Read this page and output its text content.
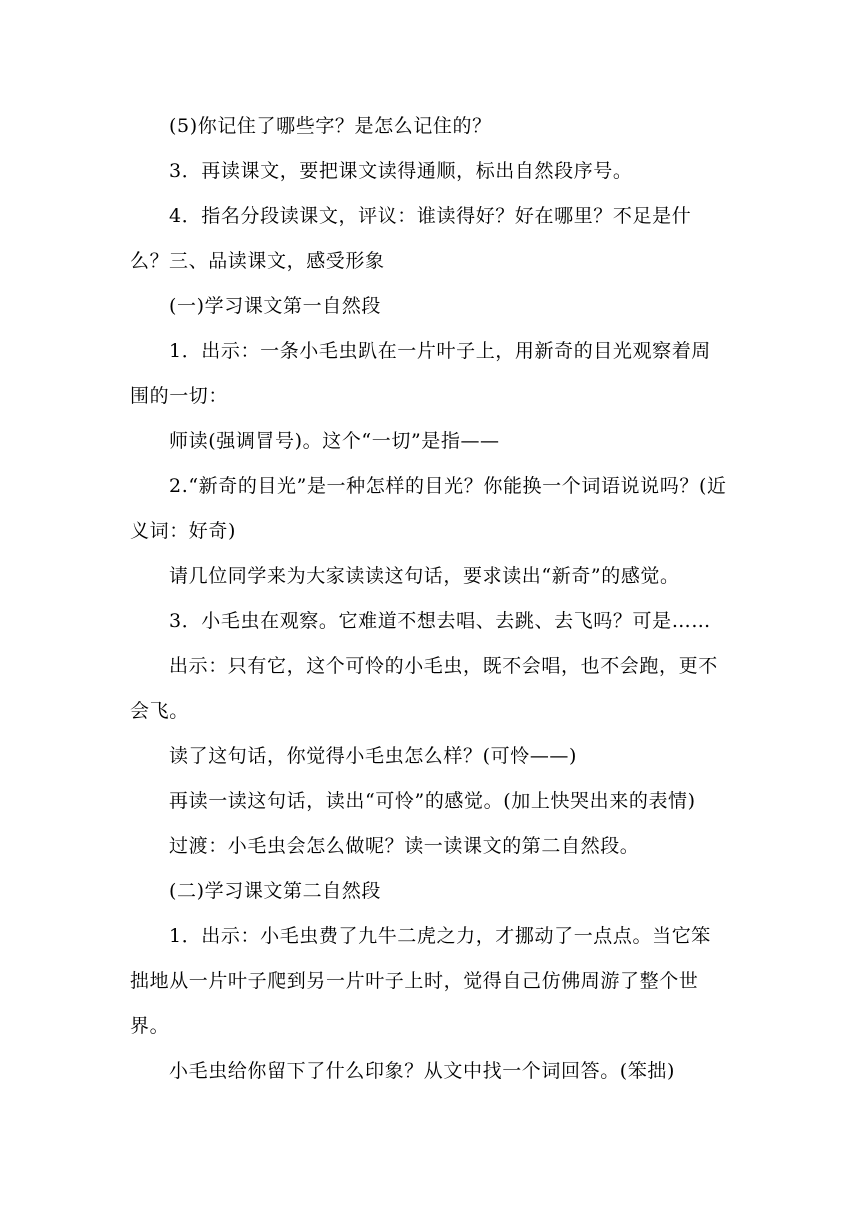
(5)你记住了哪些字？是怎么记住的？

3．再读课文，要把课文读得通顺，标出自然段序号。

4．指名分段读课文，评议：谁读得好？好在哪里？不足是什么？ 三、品读课文，感受形象

(一)学习课文第一自然段

1．出示：一条小毛虫趴在一片叶子上，用新奇的目光观察着周围的一切：

师读(强调冒号)。这个“一切”是指——

2.“新奇的目光”是一种怎样的目光？你能换一个词语说说吗？(近义词：好奇)

请几位同学来为大家读读这句话，要求读出“新奇”的感觉。

3．小毛虫在观察。它难道不想去唱、去跳、去飞吗？可是……

出示：只有它，这个可怜的小毛虫，既不会唱，也不会跑，更不会飞。

读了这句话，你觉得小毛虫怎么样？(可怜——)

再读一读这句话，读出“可怜”的感觉。(加上快哭出来的表情)

过渡：小毛虫会怎么做呢？读一读课文的第二自然段。

(二)学习课文第二自然段

1．出示：小毛虫费了九牛二虎之力，才挪动了一点点。当它笨拙地从一片叶子爬到另一片叶子上时，觉得自己仿佛周游了整个世界。

小毛虫给你留下了什么印象？从文中找一个词回答。(笨拙)
